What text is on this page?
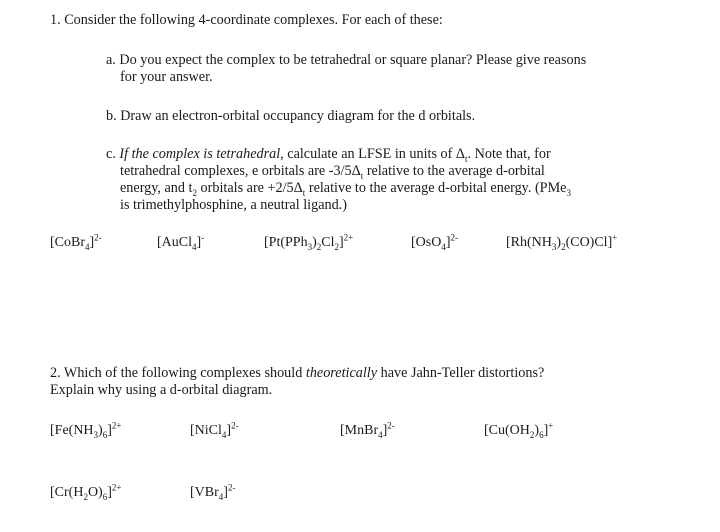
1. Consider the following 4-coordinate complexes. For each of these:
a. Do you expect the complex to be tetrahedral or square planar? Please give reasons
for your answer.
b. Draw an electron-orbital occupancy diagram for the d orbitals.
c. If the complex is tetrahedral, calculate an LFSE in units of $\Delta_t$. Note that, for
tetrahedral complexes, e orbitals are $-3/5\Delta_t$ relative to the average d-orbital
energy, and $t_2$ orbitals are $+2/5\Delta_t$ relative to the average d-orbital energy. (PMe$_3$
is trimethylphosphine, a neutral ligand.)
[CoBr$_4$]$^{2-}$	[AuCl$_4$]-	$[Pt(PPh_3)_2Cl_2]^{2+}$	$[OsO_4]^{2-}$	$[Rh(NH_3)_2(CO)Cl]^+$
2. Which of the following complexes should theoretically have Jahn-Teller distortions?
Explain why using a d-orbital diagram.
$[Fe(NH_3)_6]^{2+}$	[NiCl$_4$]$^{2-}$	[MnBr$_4$]$^{2-}$	$[Cu(OH_2)_6]^+$
$[Cr(H_2O)_6]^{2+}$	$[VBr_4]^{2-}$
